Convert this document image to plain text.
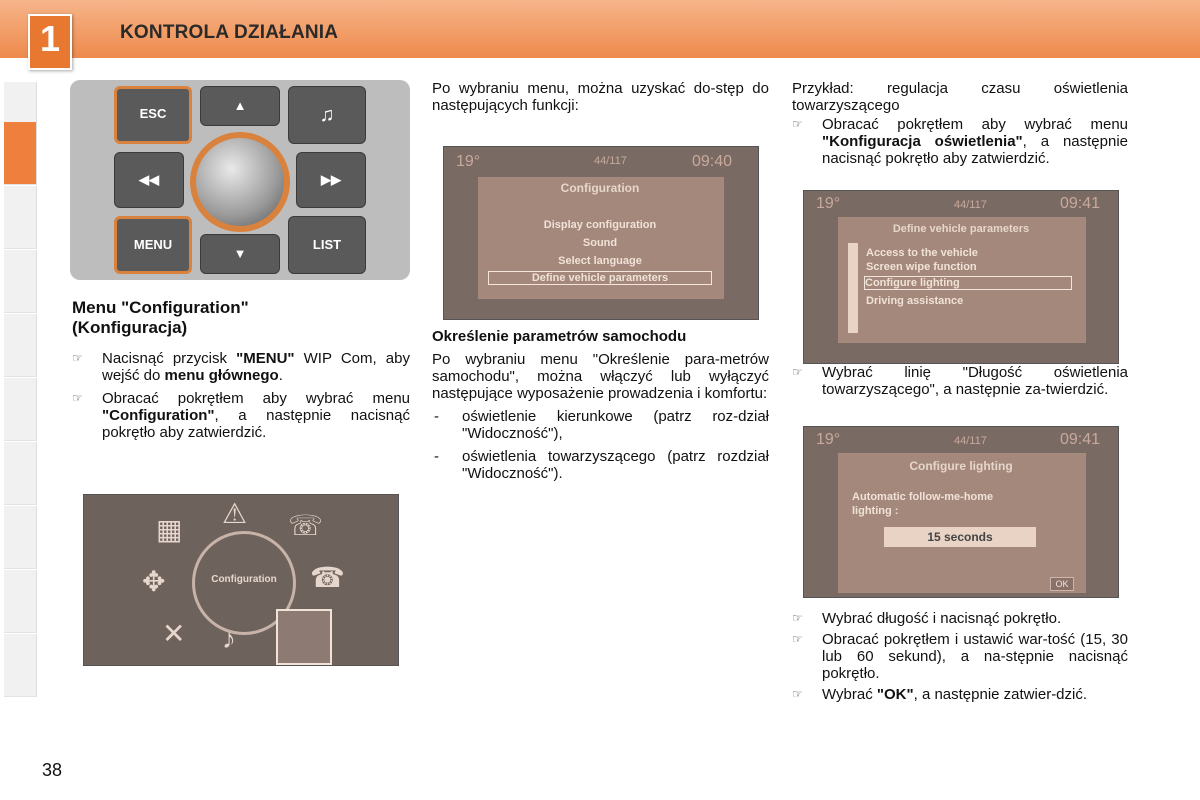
1	KONTROLA DZIAŁANIA
ESC
▲	♫
◀◀	▶▶
MENU
▼
LIST

Menu "Configuration"

(Konfiguracja)

☞ Nacisnąć przycisk "MENU" WIP Com, aby wejść do menu głównego.
☞ Obracać pokrętłem aby wybrać menu "Configuration", a następnie nacisnąć pokrętło aby zatwierdzić.
Configuration
▦
⚠ ☏
✥	☎
✕ ♪
Po wybraniu menu, można uzyskać do-stęp do następujących funkcji:
19°	44/117	09:40
Configuration
Display configuration
Sound
Select language
Define vehicle parameters

Określenie parametrów samochodu

Po wybraniu menu "Określenie para-metrów samochodu", można włączyć lub wyłączyć następujące wyposażenie prowadzenia i komfortu:

- oświetlenie kierunkowe (patrz roz-dział "Widoczność"),
- oświetlenia towarzyszącego (patrz rozdział "Widoczność").

Przykład: regulacja czasu oświetlenia towarzyszącego

☞ Obracać pokrętłem aby wybrać menu "Konfiguracja oświetlenia", a następnie nacisnąć pokrętło aby zatwierdzić.
19°	44/117	09:41
Define vehicle parameters
Access to the vehicle
Screen wipe function
Configure lighting
Driving assistance
☞ Wybrać linię "Długość oświetlenia towarzyszącego", a następnie za-twierdzić.
19°	44/117	09:41
Configure lighting
Automatic follow-me-home
lighting :
15 seconds
OK
☞ Wybrać długość i nacisnąć pokrętło.
☞ Obracać pokrętłem i ustawić war-tość (15, 30 lub 60 sekund), a na-stępnie nacisnąć pokrętło.
☞ Wybrać "OK", a następnie zatwier-dzić.
38
